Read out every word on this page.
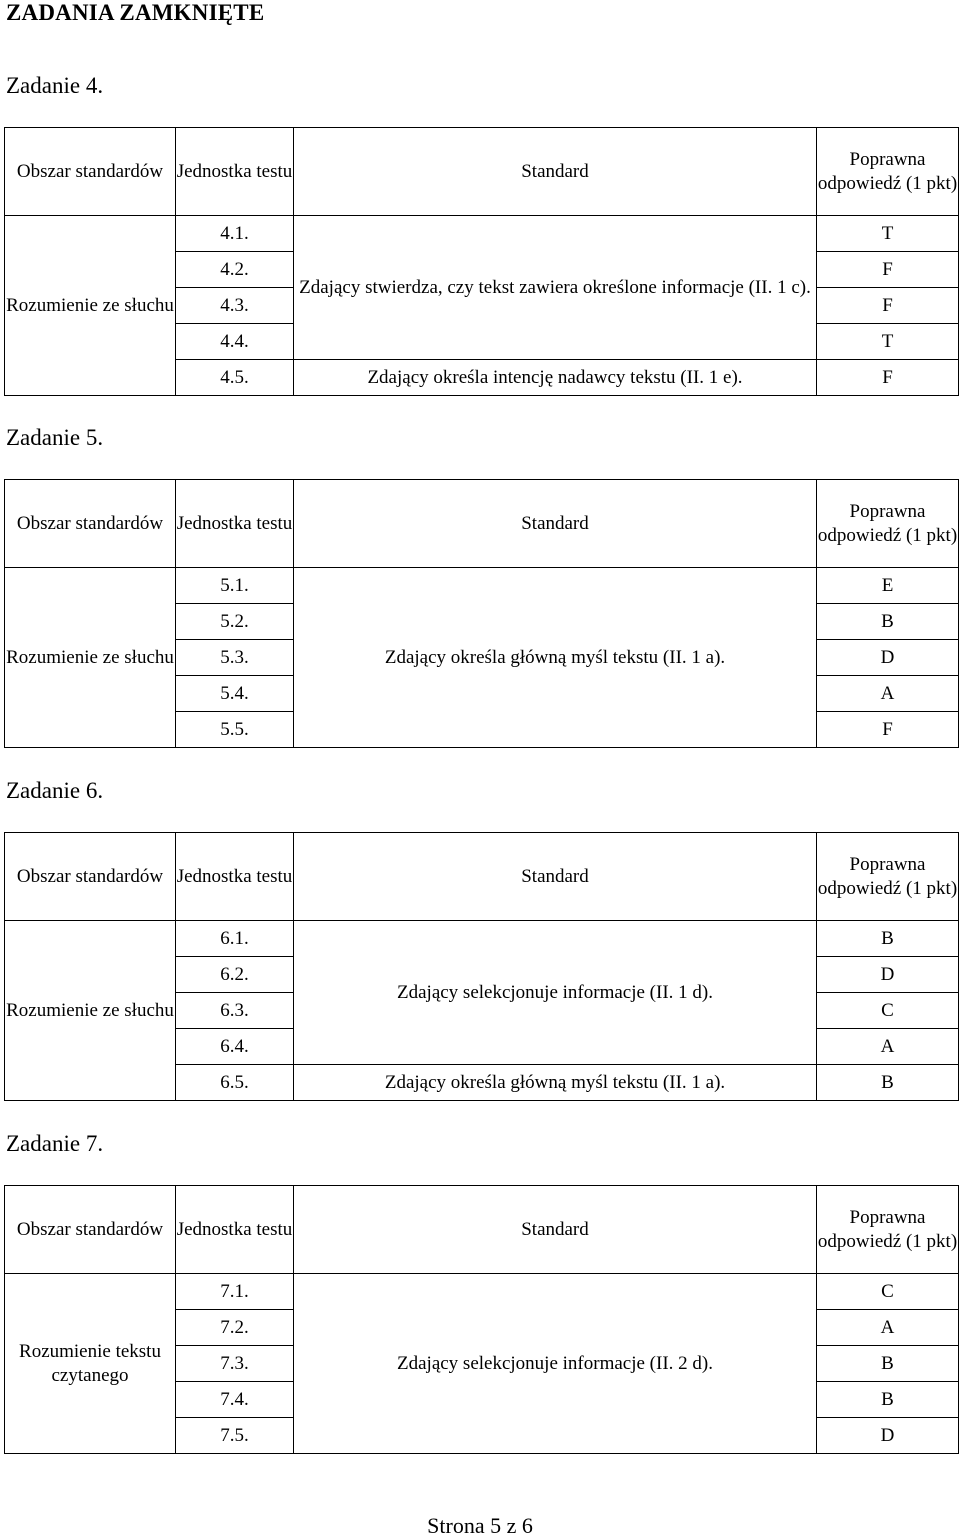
ZADANIA ZAMKNIĘTE
Zadanie 4.
Obszar standardów	Jednostka testu	Standard	Poprawna odpowiedź (1 pkt)
Rozumienie ze słuchu	4.1.	Zdający stwierdza, czy tekst zawiera określone informacje (II. 1 c).	T
	4.2.		F
	4.3.		F
	4.4.		T
	4.5.	Zdający określa intencję nadawcy tekstu (II. 1 e).	F
Zadanie 5.
Obszar standardów	Jednostka testu	Standard	Poprawna odpowiedź (1 pkt)
Rozumienie ze słuchu	5.1.	Zdający określa główną myśl tekstu (II. 1 a).	E
	5.2.		B
	5.3.		D
	5.4.		A
	5.5.		F
Zadanie 6.
Obszar standardów	Jednostka testu	Standard	Poprawna odpowiedź (1 pkt)
Rozumienie ze słuchu	6.1.	Zdający selekcjonuje informacje (II. 1 d).	B
	6.2.		D
	6.3.		C
	6.4.		A
	6.5.	Zdający określa główną myśl tekstu (II. 1 a).	B
Zadanie 7.
Obszar standardów	Jednostka testu	Standard	Poprawna odpowiedź (1 pkt)
Rozumienie tekstu czytanego	7.1.	Zdający selekcjonuje informacje (II. 2 d).	C
	7.2.		A
	7.3.		B
	7.4.		B
	7.5.		D
Strona 5 z 6
